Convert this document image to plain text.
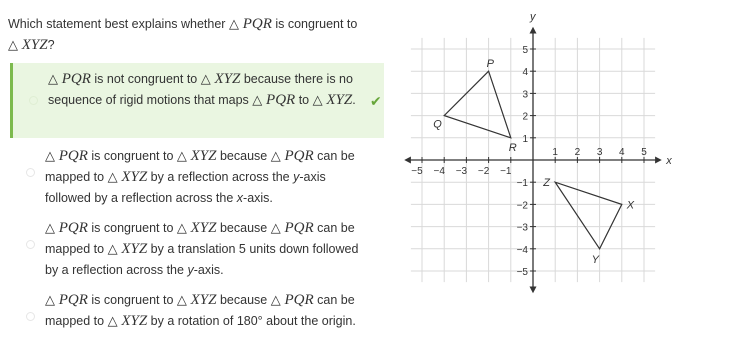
Which statement best explains whether △ PQR is congruent to
△ XYZ?
△ PQR is not congruent to △ XYZ because there is no sequence of rigid motions that maps △ PQR to △ XYZ.	✔
△ PQR is congruent to △ XYZ because △ PQR can be mapped to △ XYZ by a reflection across the y-axis followed by a reflection across the x-axis.
△ PQR is congruent to △ XYZ because △ PQR can be mapped to △ XYZ by a translation 5 units down followed by a reflection across the y-axis.
△ PQR is congruent to △ XYZ because △ PQR can be mapped to △ XYZ by a rotation of 180° about the origin.
x
y
−5 −4 −3 −2 −1
1 2 3 4 5
5
4
3
2
1
−1
−2
−3
−4
−5
P
Q
R
X
Y
Z
